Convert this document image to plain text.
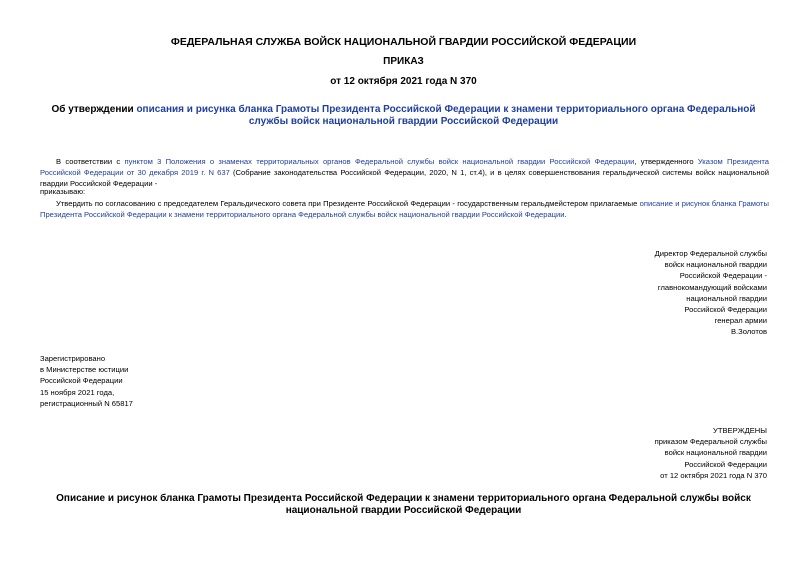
ФЕДЕРАЛЬНАЯ СЛУЖБА ВОЙСК НАЦИОНАЛЬНОЙ ГВАРДИИ РОССИЙСКОЙ ФЕДЕРАЦИИ
ПРИКАЗ
от 12 октября 2021 года N 370
Об утверждении описания и рисунка бланка Грамоты Президента Российской Федерации к знамени территориального органа Федеральной службы войск национальной гвардии Российской Федерации
В соответствии с пунктом 3 Положения о знаменах территориальных органов Федеральной службы войск национальной гвардии Российской Федерации, утвержденного Указом Президента Российской Федерации от 30 декабря 2019 г. N 637 (Собрание законодательства Российской Федерации, 2020, N 1, ст.4), и в целях совершенствования геральдической системы войск национальной гвардии Российской Федерации -
приказываю:
Утвердить по согласованию с председателем Геральдического совета при Президенте Российской Федерации - государственным геральдмейстером прилагаемые описание и рисунок бланка Грамоты Президента Российской Федерации к знамени территориального органа Федеральной службы войск национальной гвардии Российской Федерации.
Директор Федеральной службы
войск национальной гвардии
Российской Федерации -
главнокомандующий войсками
национальной гвардии
Российской Федерации
генерал армии
В.Золотов
Зарегистрировано
в Министерстве юстиции
Российской Федерации
15 ноября 2021 года,
регистрационный N 65817
УТВЕРЖДЕНЫ
приказом Федеральной службы
войск национальной гвардии
Российской Федерации
от 12 октября 2021 года N 370
Описание и рисунок бланка Грамоты Президента Российской Федерации к знамени территориального органа Федеральной службы войск национальной гвардии Российской Федерации
